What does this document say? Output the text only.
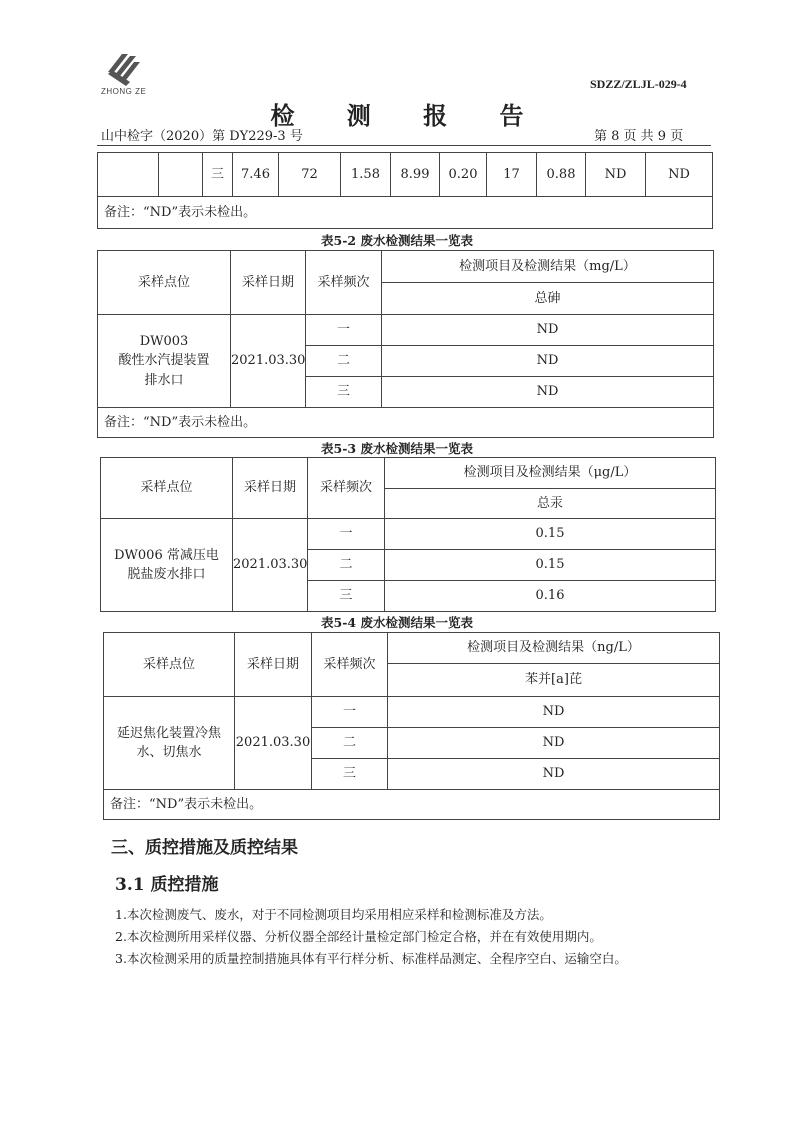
ZHONG ZE
SDZZ/ZLJL-029-4
检 测 报 告
山中检字（2020）第 DY229-3 号	第 8 页 共 9 页
		三	7.46	72	1.58	8.99	0.20	17	0.88	ND	ND
备注：“ND”表示未检出。
表5-2 废水检测结果一览表
采样点位	采样日期	采样频次	检测项目及检测结果（mg/L）
			总砷
DW003
酸性水汽提装置
排水口	2021.03.30	一	ND
		二	ND
		三	ND
备注：“ND”表示未检出。			
表5-3 废水检测结果一览表
采样点位	采样日期	采样频次	检测项目及检测结果（μg/L）
			总汞
DW006 常减压电
脱盐废水排口	2021.03.30	一	0.15
		二	0.15
		三	0.16
表5-4 废水检测结果一览表
采样点位	采样日期	采样频次	检测项目及检测结果（ng/L）
			苯并[a]芘
延迟焦化装置冷焦
水、切焦水	2021.03.30	一	ND
		二	ND
		三	ND
备注：“ND”表示未检出。			
三、质控措施及质控结果
3.1 质控措施
1.本次检测废气、废水，对于不同检测项目均采用相应采样和检测标准及方法。
2.本次检测所用采样仪器、分析仪器全部经计量检定部门检定合格，并在有效使用期内。
3.本次检测采用的质量控制措施具体有平行样分析、标准样品测定、全程序空白、运输空白。
